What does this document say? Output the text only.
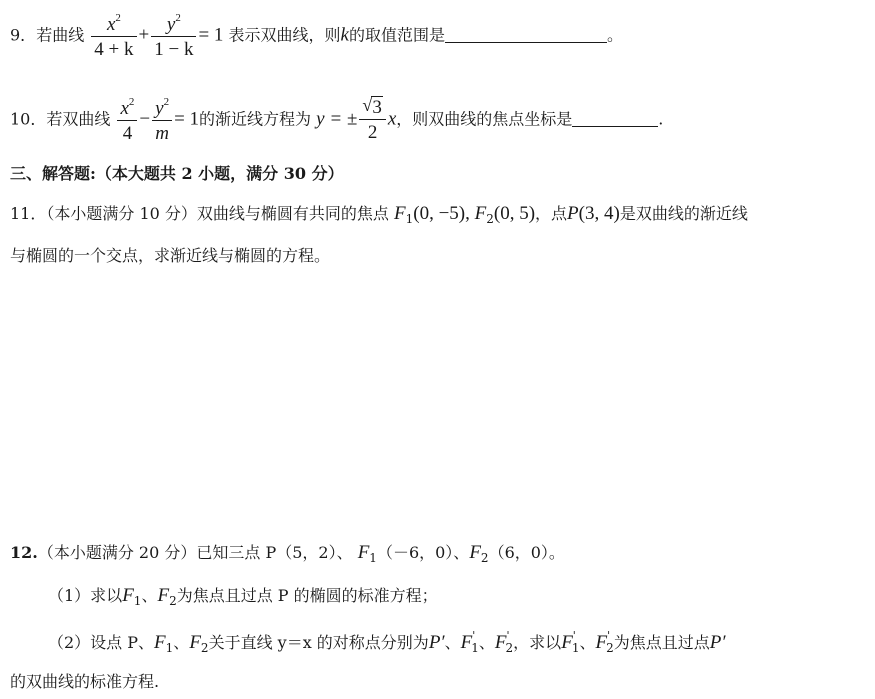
9．若曲线 $\frac{x^2}{4 + k} + \frac{y^2}{1 - k} = 1$ 表示双曲线，则k的取值范围是	。
10．若双曲线 $\frac{x^2}{4} - \frac{y^2}{m} = 1$的渐近线方程为 y = ± $\frac{√ 3}{2}$ x，则双曲线的焦点坐标是	.
三、解答题:（本大题共 2 小题，满分 30 分）
11．（本小题满分 10 分）双曲线与椭圆有共同的焦点 $F_1(0$, −5), $F_2(0$, 5)，点P(3, 4)是双曲线的渐近线
与椭圆的一个交点，求渐近线与椭圆的方程。
12.（本小题满分 20 分）已知三点 P（5，2）、 $F_1(-6$，0）、$F_2(6$，0）。
（1）求以$F_1$、$F_2$为焦点且过点 P 的椭圆的标准方程；
（2）设点 P、$F_1$、$F_2$关于直线 y＝x 的对称点分别为P′、$F'_1$、$F'_2$，求以$F'_1$、$F'_2$为焦点且过点P′
的双曲线的标准方程.
